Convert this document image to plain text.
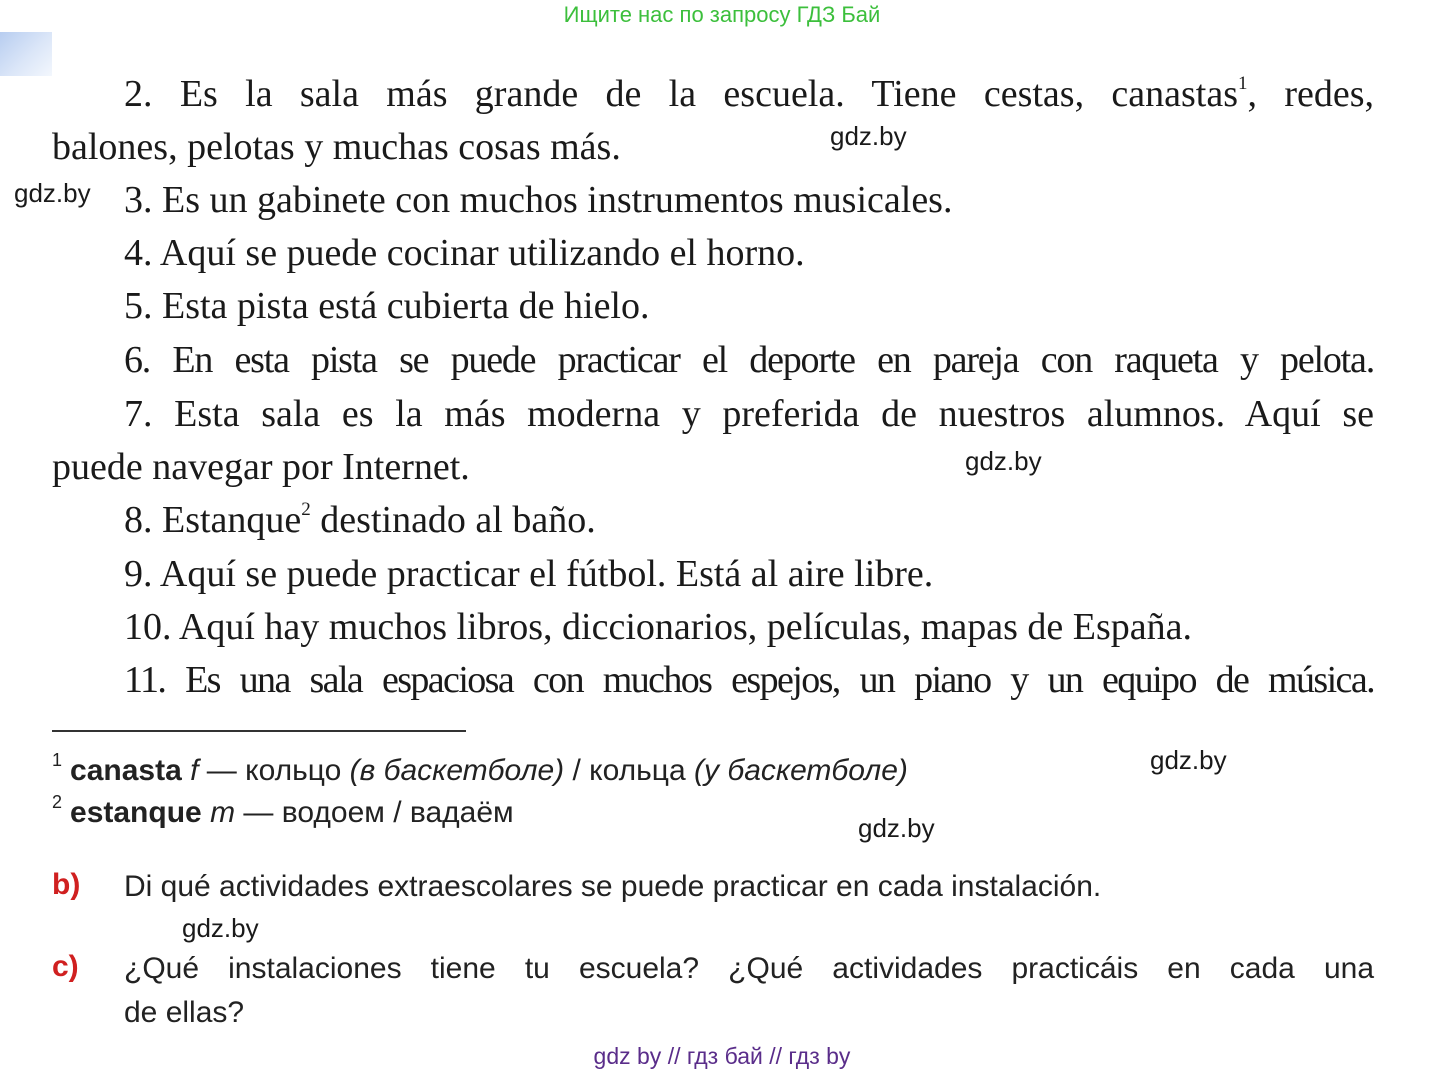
Ищите нас по запросу ГДЗ Бай
2. Es la sala más grande de la escuela. Tiene cestas, canastas$^1$, redes,
balones, pelotas y muchas cosas más.
3. Es un gabinete con muchos instrumentos musicales.
4. Aquí se puede cocinar utilizando el horno.
5. Esta pista está cubierta de hielo.
6. En esta pista se puede practicar el deporte en pareja con raqueta y pelota.
7. Esta sala es la más moderna y preferida de nuestros alumnos. Aquí se
puede navegar por Internet.
8. Estanque$^2$ destinado al baño.
9. Aquí se puede practicar el fútbol. Está al aire libre.
10. Aquí hay muchos libros, diccionarios, películas, mapas de España.
11. Es una sala espaciosa con muchos espejos, un piano y un equipo de música.
$^1$ canasta f — кольцо (в баскетболе) / кольца (у баскетболе)
$^2$ estanque m — водоем / вадаём
b) Di qué actividades extraescolares se puede practicar en cada instalación.
c) ¿Qué instalaciones tiene tu escuela? ¿Qué actividades practicáis en cada una
de ellas?
gdz.by
gdz.by
gdz.by
gdz.by
gdz.by
gdz.by
gdz by // гдз бай // гдз by
